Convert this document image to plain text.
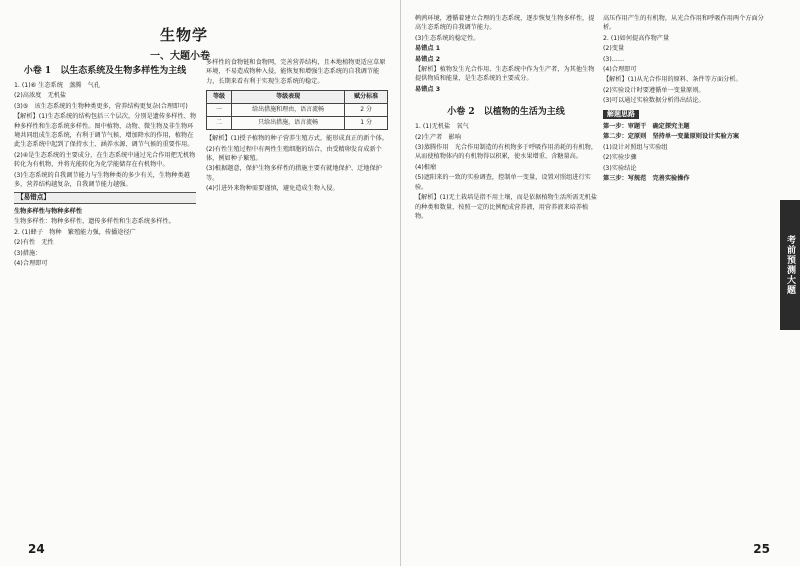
生物学
一、大题小卷
小卷 1　以生态系统及生物多样性为主线

1. (1)⑥ 生态系统　蒸腾　气孔

(2)高浓度　无机盐

(3)⑤　该生态系统的生物种类更多，营养结构更复杂(合理即可)

【解析】(1)生态系统的结构包括三个层次，分别是遗传多样性、物种多样性和生态系统多样性。图中植物、动物、微生物及非生物环境共同组成生态系统，有利于调节气候、增加降水的作用，植物在此生态系统中起到了保持水土、涵养水源、调节气候的重要作用。

(2)④是生态系统的主要成分，在生态系统中通过光合作用把无机物转化为有机物，并将光能转化为化学能储存在有机物中。

(3)生态系统的自我调节能力与生物种类的多少有关，生物种类越多，营养结构越复杂，自我调节能力越强。

【易错点】

生物多样性与物种多样性

生物多样性：物种多样性、遗传多样性和生态系统多样性。

2. (1)蜂子　物种　繁殖能力强，传播途径广

(2)有性　无性

(3)措施：

(4)合理即可

多样性的食物链和食物网，完善营养结构，且本地植物更适应草原环境，不易造成物种入侵，能恢复和增强生态系统的自我调节能力，长期来看有利于实现生态系统的稳定。

等级	等级表现	赋分标准
一	给出措施和理由，语言流畅	2 分
二	只给出措施，语言流畅	1 分

【解析】(1)授予植物的种子营养生殖方式，能形成真正的新个体。

(2)有性生殖过程中有两性生殖细胞的结合，由受精卵发育成新个体，例如种子繁殖。

(3)根据题意，保护生物多样性的措施主要有就地保护、迁地保护等。

(4)引进外来物种需要谨慎，避免造成生物入侵。

24

鹌鹑环境，遵循着建立合理的生态系统，逐步恢复生物多样性，提高生态系统的自我调节能力。

(3)生态系统的稳定性。

易错点 1

易错点 2

【解析】植物发生光合作用、生态系统中作为生产者，为其他生物提供物质和能量，是生态系统的主要成分。

易错点 3

小卷 2　以植物的生活为主线

1. (1)无机盐　氧气

(2)生产者　影响

(3)蒸腾作用　光合作用制造的有机物多于呼吸作用消耗的有机物，从而使植物体内的有机物得以积累，使水果增重、含糖量高。

(4)根瘤

(5)遮阳来的一致的实验调查，控制单一变量，设置对照组进行实验。

【解析】(1)无土栽培是指不用土壤，而是依据植物生活所需无机盐的种类和数量，按照一定的比例配成营养液，用营养液来培养植物。

高压作用产生的有机物，从光合作用和呼吸作用两个方面分析。

2. (1)如何提高作物产量

(2)变量

(3)……

(4)合理即可

【解析】(1)从光合作用的原料、条件等方面分析。

(2)实验设计时要遵循单一变量原则。

(3)可以通过实验数据分析得出结论。

解题思路

第一步：审题干　确定探究主题

第二步：定原则　坚持单一变量原则设计实验方案

(1)设计对照组与实验组

(2)实验步骤

(3)实验结论

第三步：写规范　完善实验操作

考前预测大题
25
